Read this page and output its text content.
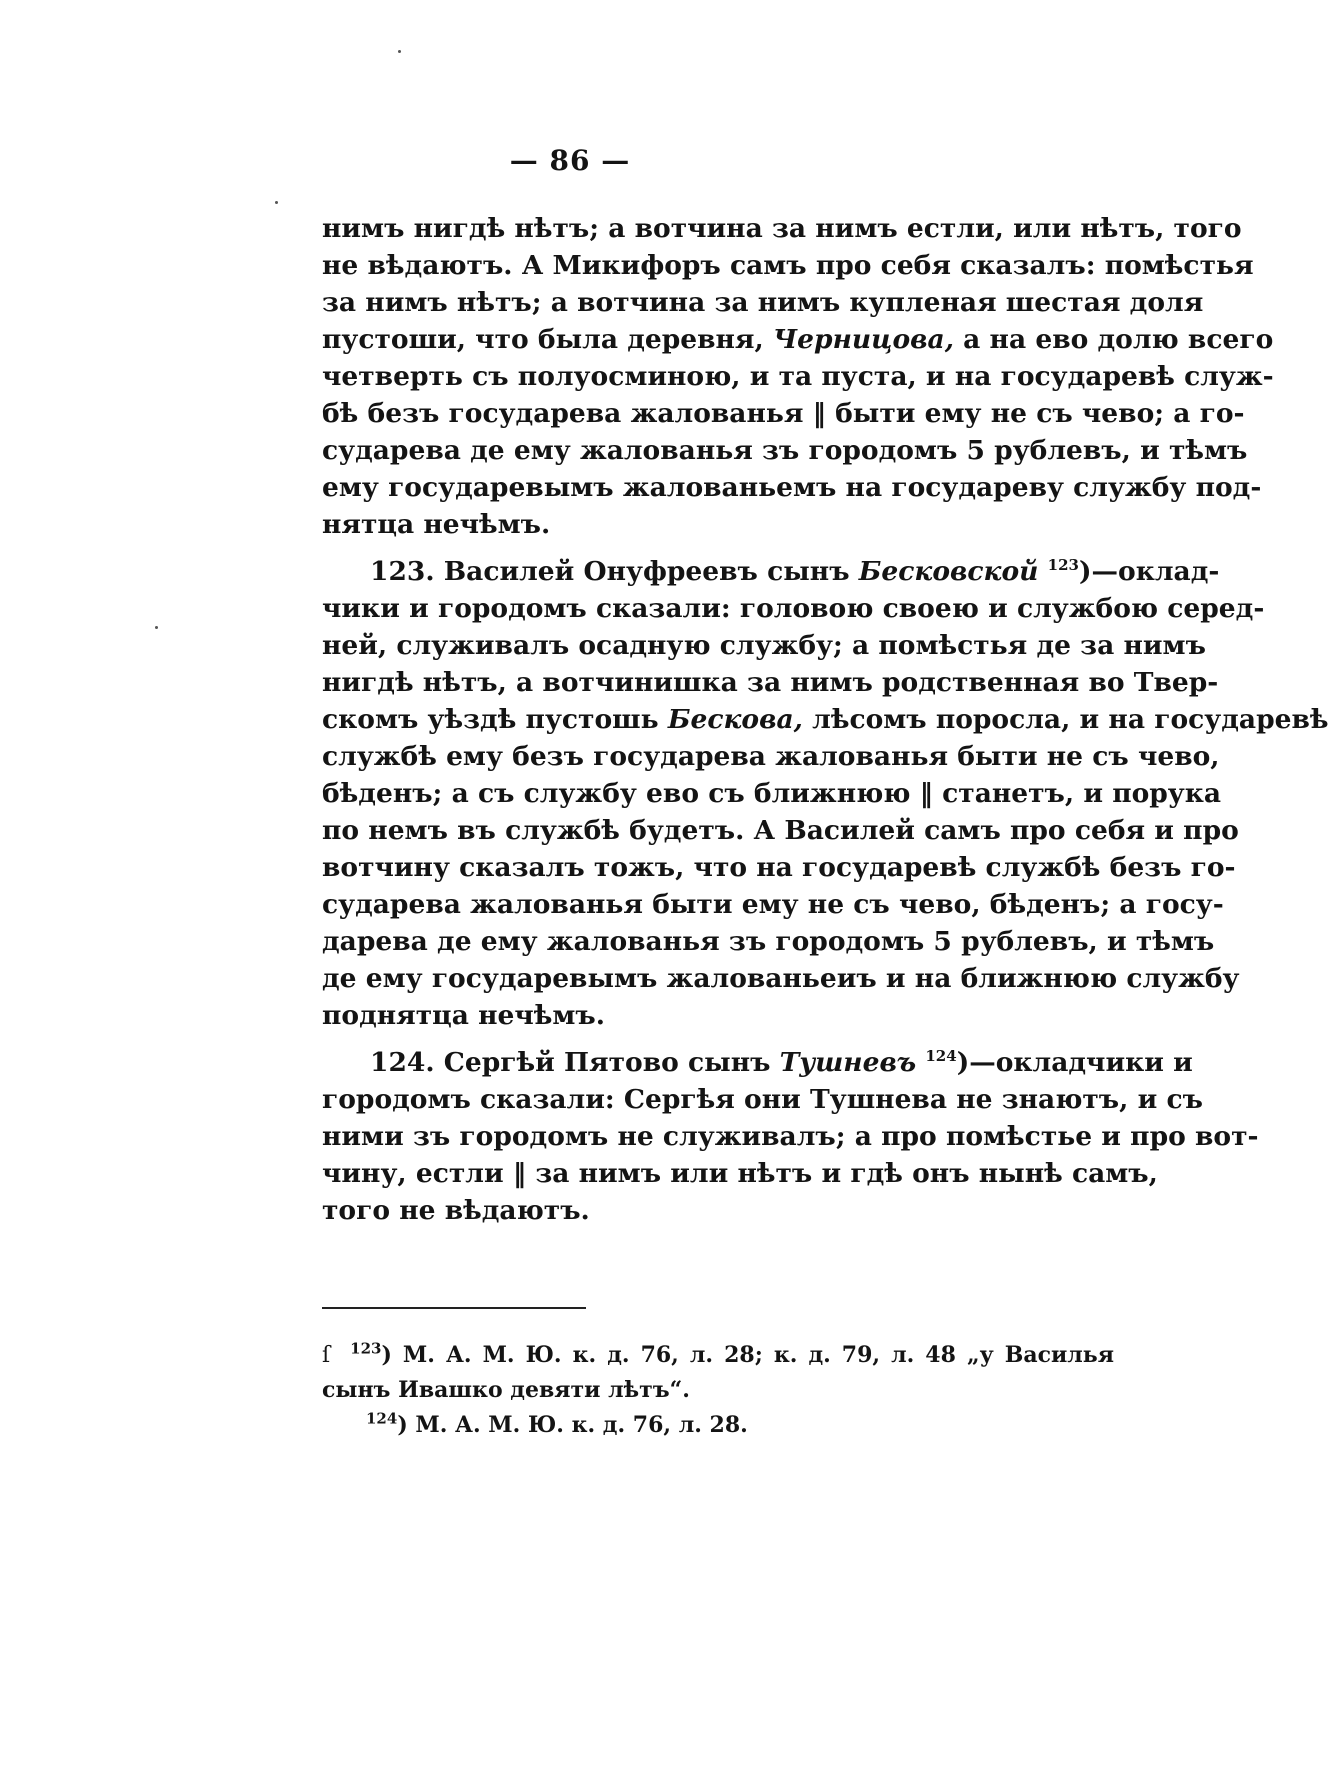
— 86 —
нимъ нигдѣ нѣтъ; а вотчина за нимъ естли, или нѣтъ, того
не вѣдаютъ. А Микифоръ самъ про себя сказалъ: помѣстья
за нимъ нѣтъ; а вотчина за нимъ купленая шестая доля
пустоши, что была деревня, Черницова, а на ево долю всего
четверть съ полуосминою, и та пуста, и на государевѣ служ-
бѣ безъ государева жалованья ‖ быти ему не съ чево; а го-
сударева де ему жалованья зъ городомъ 5 рублевъ, и тѣмъ
ему государевымъ жалованьемъ на государеву службу под-
нятца нечѣмъ.
123. Василей Онуфреевъ сынъ Бесковской $^{123}$)—оклад-
чики и городомъ сказали: головою своею и службою серед-
ней, служивалъ осадную службу; а помѣстья де за нимъ
нигдѣ нѣтъ, а вотчинишка за нимъ родственная во Твер-
скомъ уѣздѣ пустошь Бескова, лѣсомъ поросла, и на государевѣ
службѣ ему безъ государева жалованья быти не съ чево,
бѣденъ; а съ службу ево съ ближнюю ‖ станетъ, и порука
по немъ въ службѣ будетъ. А Василей самъ про себя и про
вотчину сказалъ тожъ, что на государевѣ службѣ безъ го-
сударева жалованья быти ему не съ чево, бѣденъ; а госу-
дарева де ему жалованья зъ городомъ 5 рублевъ, и тѣмъ
де ему государевымъ жалованьеиъ и на ближнюю службу
поднятца нечѣмъ.
124. Сергѣй Пятово сынъ Тушневъ $^{124}$)—окладчики и
городомъ сказали: Сергѣя они Тушнева не знаютъ, и съ
ними зъ городомъ не служивалъ; а про помѣстье и про вот-
чину, естли ‖ за нимъ или нѣтъ и гдѣ онъ нынѣ самъ,
того не вѣдаютъ.
ſ $^{123}$) М. А. М. Ю. к. д. 76, л. 28; к. д. 79, л. 48 „у Василья
сынъ Ивашко девяти лѣтъ“.
$^{124}$) М. А. М. Ю. к. д. 76, л. 28.
